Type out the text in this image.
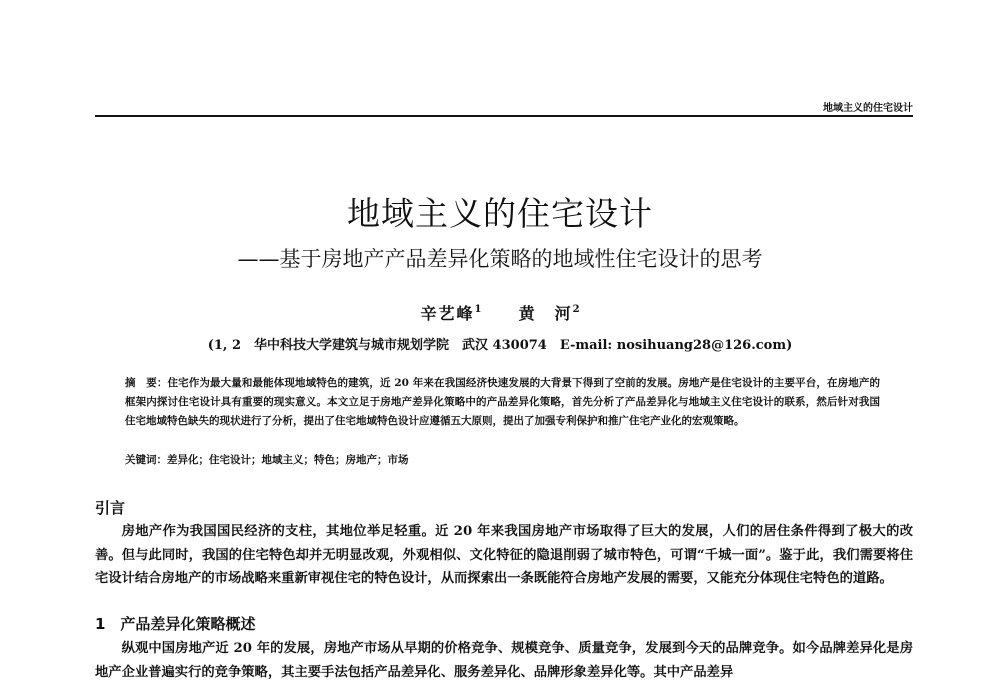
地域主义的住宅设计
地域主义的住宅设计
——基于房地产产品差异化策略的地域性住宅设计的思考
辛艺峰$^1$ 黄　河$^2$
(1, 2　华中科技大学建筑与城市规划学院　武汉 430074　E-mail: nosihuang28@126.com)
摘　要：住宅作为最大量和最能体现地域特色的建筑，近 20 年来在我国经济快速发展的大背景下得到了空前的发展。房地产是住宅设计的主要平台，在房地产的框架内探讨住宅设计具有重要的现实意义。本文立足于房地产差异化策略中的产品差异化策略，首先分析了产品差异化与地域主义住宅设计的联系，然后针对我国住宅地域特色缺失的现状进行了分析，提出了住宅地域特色设计应遵循五大原则，提出了加强专利保护和推广住宅产业化的宏观策略。
关键词：差异化；住宅设计；地域主义；特色；房地产；市场
引言
房地产作为我国国民经济的支柱，其地位举足轻重。近 20 年来我国房地产市场取得了巨大的发展，人们的居住条件得到了极大的改善。但与此同时，我国的住宅特色却并无明显改观，外观相似、文化特征的隐退削弱了城市特色，可谓“千城一面”。鉴于此，我们需要将住宅设计结合房地产的市场战略来重新审视住宅的特色设计，从而探索出一条既能符合房地产发展的需要，又能充分体现住宅特色的道路。
1　产品差异化策略概述
纵观中国房地产近 20 年的发展，房地产市场从早期的价格竞争、规模竞争、质量竞争，发展到今天的品牌竞争。如今品牌差异化是房地产企业普遍实行的竞争策略，其主要手法包括产品差异化、服务差异化、品牌形象差异化等。其中产品差异
